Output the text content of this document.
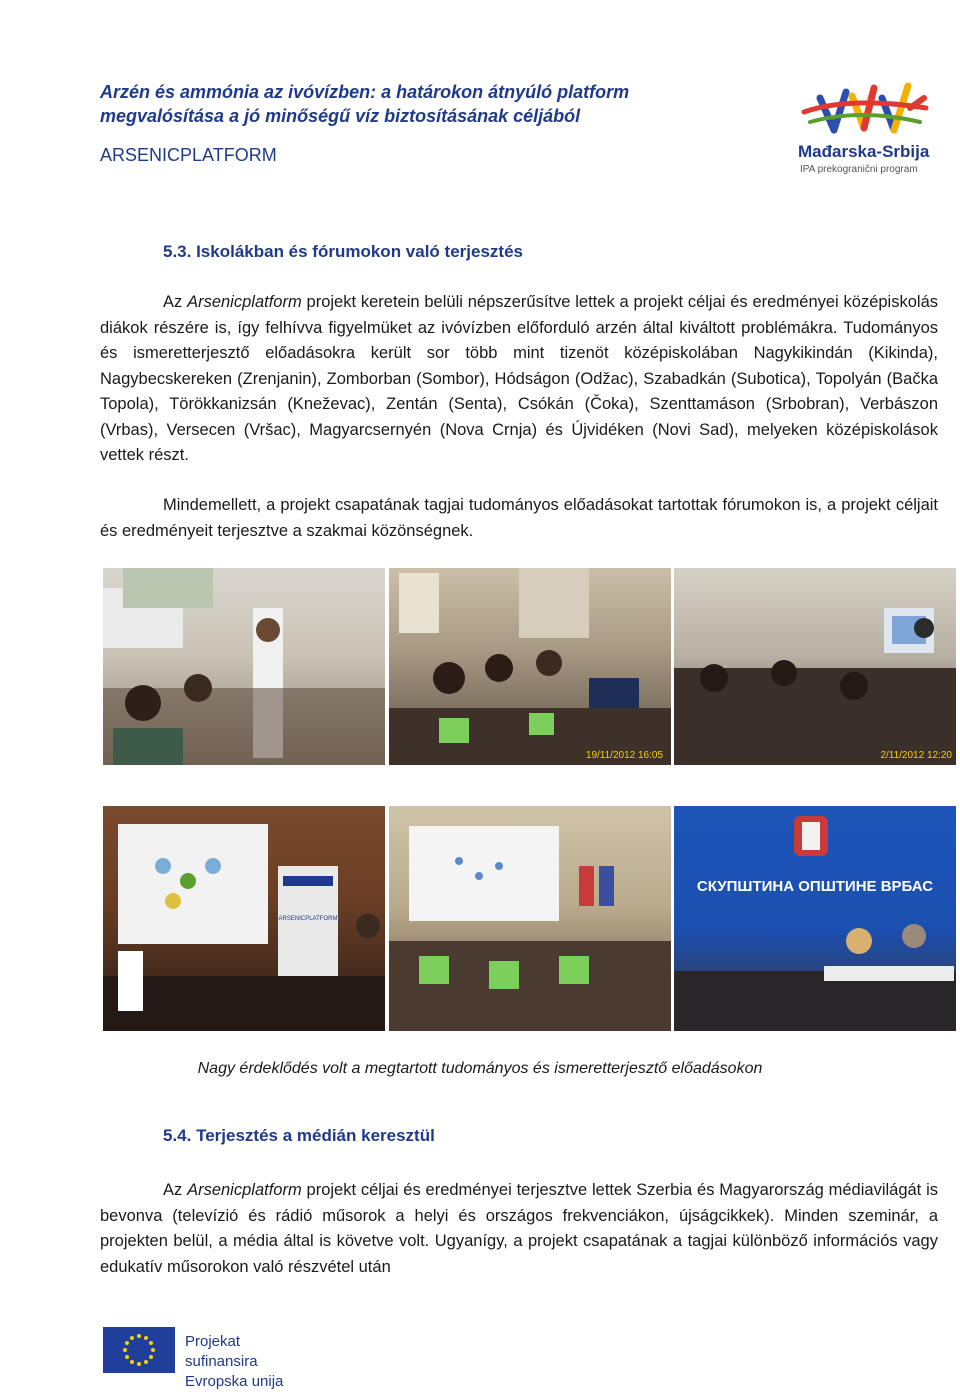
Arzén és ammónia az ivóvízben: a határokon átnyúló platform
megvalósítása a jó minőségű víz biztosításának céljából
ARSENICPLATFORM	Mađarska-Srbija
IPA prekogranični program
5.3. Iskolákban és fórumokon való terjesztés
Az Arsenicplatform projekt keretein belüli népszerűsítve lettek a projekt céljai és eredményei középiskolás diákok részére is, így felhívva figyelmüket az ivóvízben előforduló arzén által kiváltott problémákra. Tudományos és ismeretterjesztő előadásokra került sor több mint tizenöt középiskolában Nagykikindán (Kikinda), Nagybecskereken (Zrenjanin), Zomborban (Sombor), Hódságon (Odžac), Szabadkán (Subotica), Topolyán (Bačka Topola), Törökkanizsán (Kneževac), Zentán (Senta), Csókán (Čoka), Szenttamáson (Srbobran), Verbászon (Vrbas), Versecen (Vršac), Magyarcsernyén (Nova Crnja) és Újvidéken (Novi Sad), melyeken középiskolások vettek részt.
Mindemellett, a projekt csapatának tagjai tudományos előadásokat tartottak fórumokon is, a projekt céljait és eredményeit terjesztve a szakmai közönségnek.
19/11/2012 16:05	2/11/2012 12:20
ARSENICPLATFORM
СКУПШТИНА ОПШТИНЕ ВРБАС
Nagy érdeklődés volt a megtartott tudományos és ismeretterjesztő előadásokon
5.4. Terjesztés a médián keresztül
Az Arsenicplatform projekt céljai és eredményei terjesztve lettek Szerbia és Magyarország médiavilágát is bevonva (televízió és rádió műsorok a helyi és országos frekvenciákon, újságcikkek). Minden szeminár, a projekten belül, a média által is követve volt. Ugyanígy, a projekt csapatának a tagjai különböző információs vagy edukatív műsorokon való részvétel után
Projekat sufinansira
Evropska unija
